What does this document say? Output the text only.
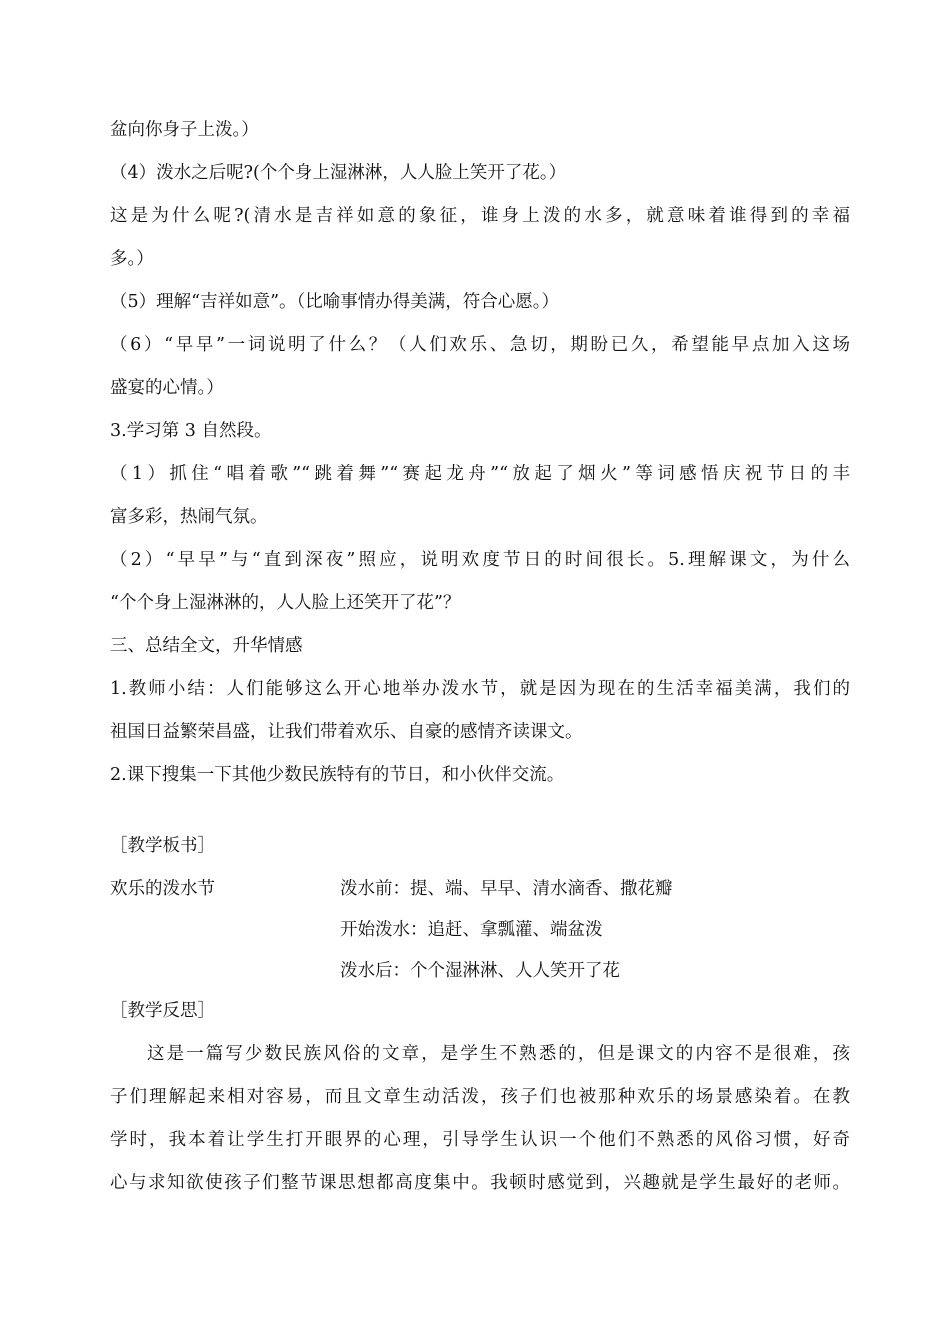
盆向你身子上泼。）
（4）泼水之后呢?(个个身上湿淋淋，人人脸上笑开了花。）
这是为什么呢?(清水是吉祥如意的象征，谁身上泼的水多，就意味着谁得到的幸福
多。）
（5）理解“吉祥如意”。（比喻事情办得美满，符合心愿。）
（6）“早早”一词说明了什么？（人们欢乐、急切，期盼已久，希望能早点加入这场
盛宴的心情。）
3.学习第 3 自然段。
（1）抓住“唱着歌”“跳着舞”“赛起龙舟”“放起了烟火”等词感悟庆祝节日的丰
富多彩，热闹气氛。
（2）“早早”与“直到深夜”照应，说明欢度节日的时间很长。5.理解课文，为什么
“个个身上湿淋淋的，人人脸上还笑开了花”？
三、总结全文，升华情感
1.教师小结：人们能够这么开心地举办泼水节，就是因为现在的生活幸福美满，我们的
祖国日益繁荣昌盛，让我们带着欢乐、自豪的感情齐读课文。
2.课下搜集一下其他少数民族特有的节日，和小伙伴交流。
［教学板书］
欢乐的泼水节	泼水前：提、端、早早、清水滴香、撒花瓣
开始泼水：追赶、拿瓢灌、端盆泼
泼水后：个个湿淋淋、人人笑开了花
［教学反思］
这是一篇写少数民族风俗的文章，是学生不熟悉的，但是课文的内容不是很难，孩
子们理解起来相对容易，而且文章生动活泼，孩子们也被那种欢乐的场景感染着。在教
学时，我本着让学生打开眼界的心理，引导学生认识一个他们不熟悉的风俗习惯，好奇
心与求知欲使孩子们整节课思想都高度集中。我顿时感觉到，兴趣就是学生最好的老师。
